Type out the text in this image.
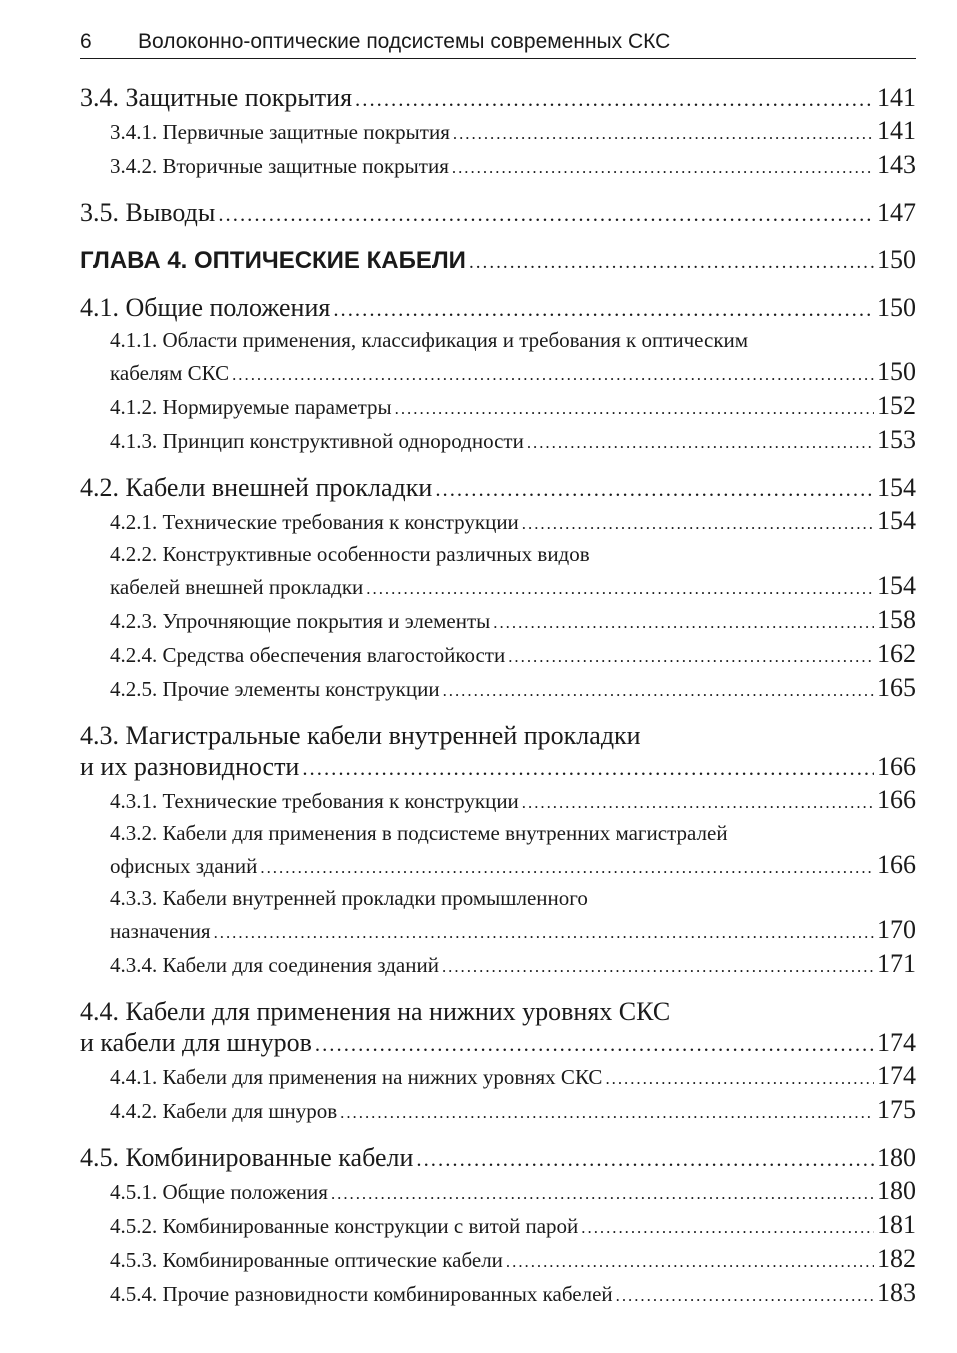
6 Волоконно-оптические подсистемы современных СКС
3.4. Защитные покрытия .....	141
3.4.1. Первичные защитные покрытия .....	141
3.4.2. Вторичные защитные покрытия .....	143
3.5. Выводы .....	147
ГЛАВА 4. ОПТИЧЕСКИЕ КАБЕЛИ .....	150
4.1. Общие положения .....	150
4.1.1. Области применения, классификация и требования к оптическим
кабелям СКС .....	150
4.1.2. Нормируемые параметры .....	152
4.1.3. Принцип конструктивной однородности .....	153
4.2. Кабели внешней прокладки .....	154
4.2.1. Технические требования к конструкции .....	154
4.2.2. Конструктивные особенности различных видов
кабелей внешней прокладки .....	154
4.2.3. Упрочняющие покрытия и элементы .....	158
4.2.4. Средства обеспечения влагостойкости .....	162
4.2.5. Прочие элементы конструкции .....	165
4.3. Магистральные кабели внутренней прокладки
и их разновидности .....	166
4.3.1. Технические требования к конструкции .....	166
4.3.2. Кабели для применения в подсистеме внутренних магистралей
офисных зданий .....	166
4.3.3. Кабели внутренней прокладки промышленного
назначения .....	170
4.3.4. Кабели для соединения зданий .....	171
4.4. Кабели для применения на нижних уровнях СКС
и кабели для шнуров .....	174
4.4.1. Кабели для применения на нижних уровнях СКС .....	174
4.4.2. Кабели для шнуров .....	175
4.5. Комбинированные кабели .....	180
4.5.1. Общие положения .....	180
4.5.2. Комбинированные конструкции с витой парой .....	181
4.5.3. Комбинированные оптические кабели .....	182
4.5.4. Прочие разновидности комбинированных кабелей .....	183
